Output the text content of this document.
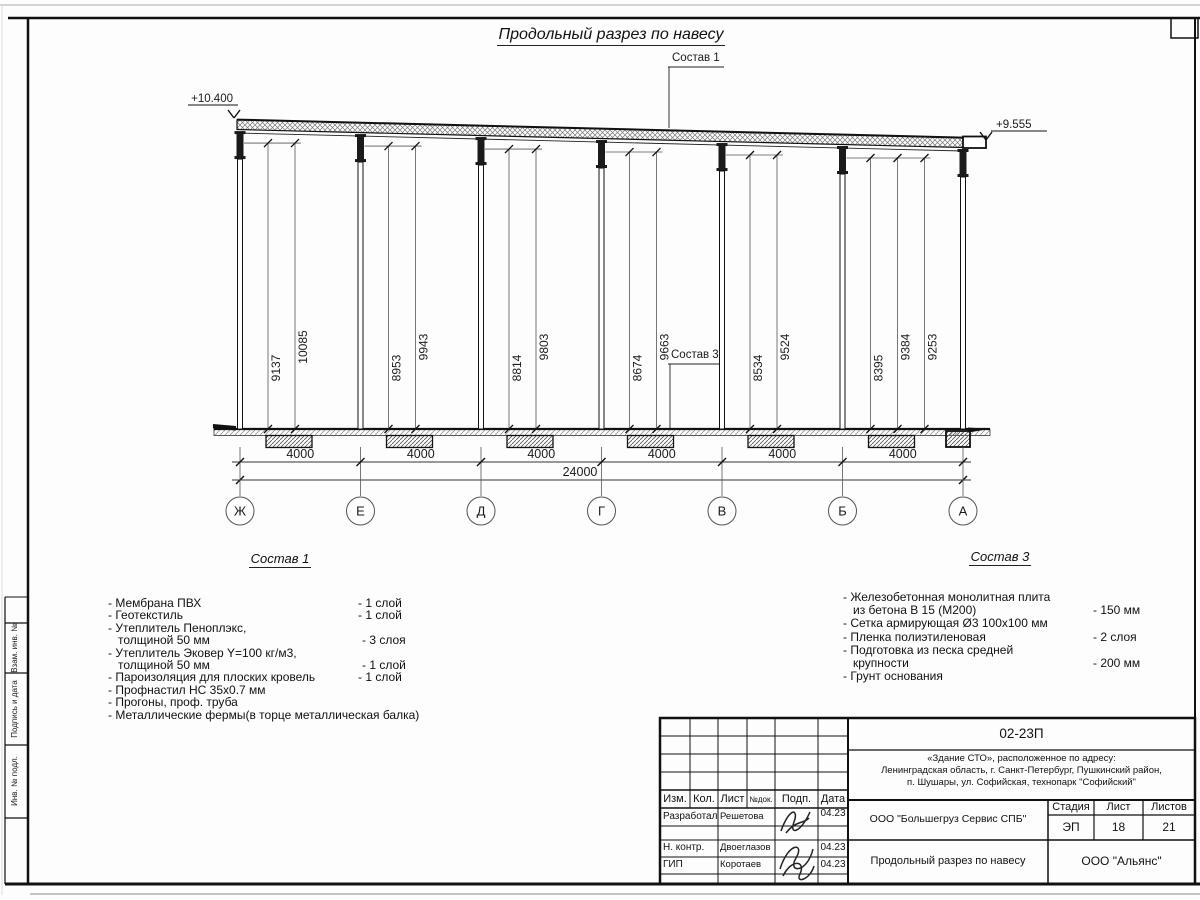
+10.400
+9.555
Состав 1
Состав 3
24000
Ж
4000
Е
4000
Д
4000
Г
4000
В
4000
Б
4000
А
9137
10085
8953
9943
8814
9803
8674
9663
8534
9524
8395
9384 9253
Продольный разрез по навесу
Состав 1
- Мембрана ПВХ	- 1 слой
- Геотекстиль	- 1 слой
- Утеплитель Пеноплэкс,
толщиной 50 мм	- 3 слоя
- Утеплитель Эковер Y=100 кг/м3,
толщиной 50 мм	- 1 слой
- Пароизоляция для плоских кровель	- 1 слой
- Профнастил НС 35х0.7 мм
- Прогоны, проф. труба
- Металлические фермы(в торце металлическая балка)
Состав 3
- Железобетонная монолитная плита
из бетона В 15 (М200)	- 150 мм
- Сетка армирующая Ø3 100х100 мм
- Пленка полиэтиленовая	- 2 слоя
- Подготовка из песка средней
крупности	- 200 мм
- Грунт основания
Изм. Кол. Лист №док. Подп. Дата
Разработал Решетова	04.23
Н. контр. Двоеглазов	04.23
ГИП	Коротаев	04.23
02-23П
«Здание СТО», расположенное по адресу:
Ленинградская область, г. Санкт-Петербург, Пушкинский район,
п. Шушары, ул. Софийская, технопарк "Софийский"
Стадия	Лист	Листов
ЭП	18	21
ООО "Большегруз Сервис СПБ"
Продольный разрез по навесу	ООО "Альянс"
Взам. инв. №
Подпись и дата
Инв. № подл.
